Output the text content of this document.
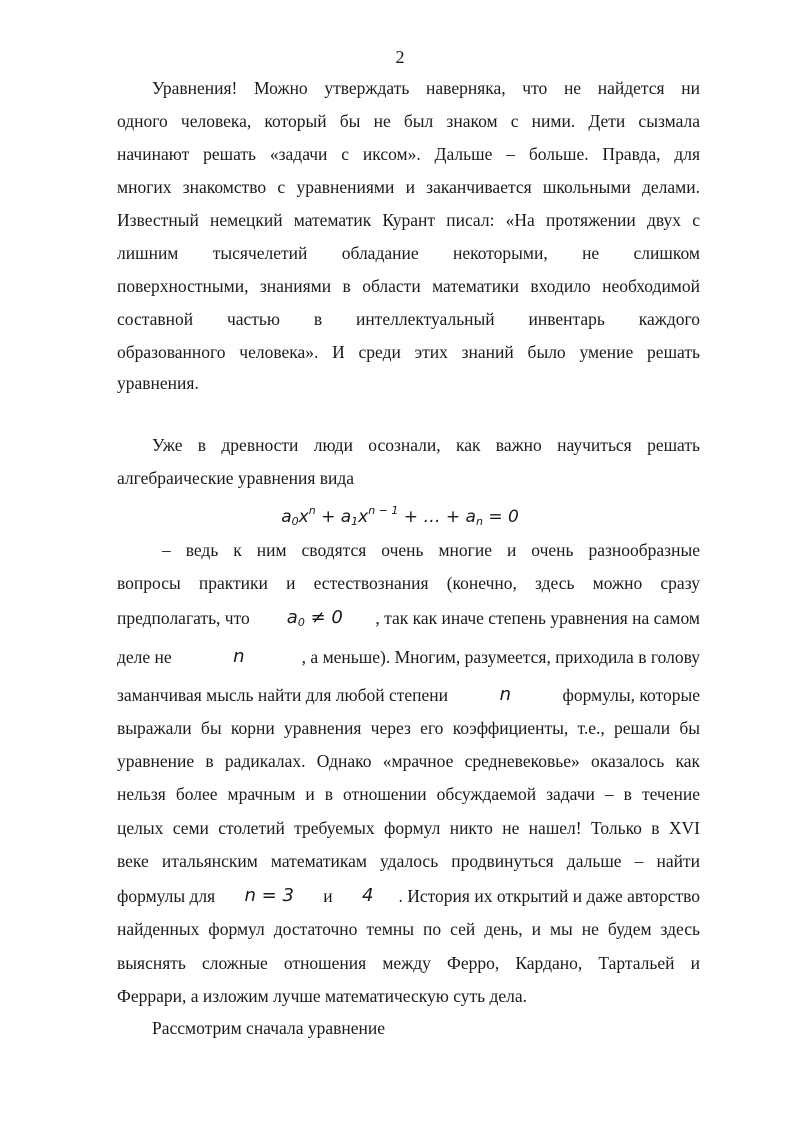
2
Уравнения! Можно утверждать наверняка, что не найдется ни
одного человека, который бы не был знаком с ними. Дети сызмала
начинают решать «задачи с иксом». Дальше – больше. Правда, для
многих знакомство с уравнениями и заканчивается школьными делами.
Известный немецкий математик Курант писал: «На протяжении двух с
лишним тысячелетий обладание некоторыми, не слишком
поверхностными, знаниями в области математики входило необходимой
составной частью в интеллектуальный инвентарь каждого
образованного человека». И среди этих знаний было умение решать
уравнения.
Уже в древности люди осознали, как важно научиться решать
алгебраические уравнения вида
$a_0x^n + a_1x^{n - 1}$ + … + $a_n = 0$
– ведь к ним сводятся очень многие и очень разнообразные
вопросы практики и естествознания (конечно, здесь можно сразу
предполагать, что $a_0 \ne 0$ , так как иначе степень уравнения на самом
деле не	n	, а меньше). Многим, разумеется, приходила в голову
заманчивая мысль найти для любой степени	n	формулы, которые
выражали бы корни уравнения через его коэффициенты, т.е., решали бы
уравнение в радикалах. Однако «мрачное средневековье» оказалось как
нельзя более мрачным и в отношении обсуждаемой задачи – в течение
целых семи столетий требуемых формул никто не нашел! Только в XVI
веке итальянским математикам удалось продвинуться дальше – найти
формулы для n = 3 и 4 . История их открытий и даже авторство
найденных формул достаточно темны по сей день, и мы не будем здесь
выяснять сложные отношения между Ферро, Кардано, Тартальей и
Феррари, а изложим лучше математическую суть дела.
Рассмотрим сначала уравнение
